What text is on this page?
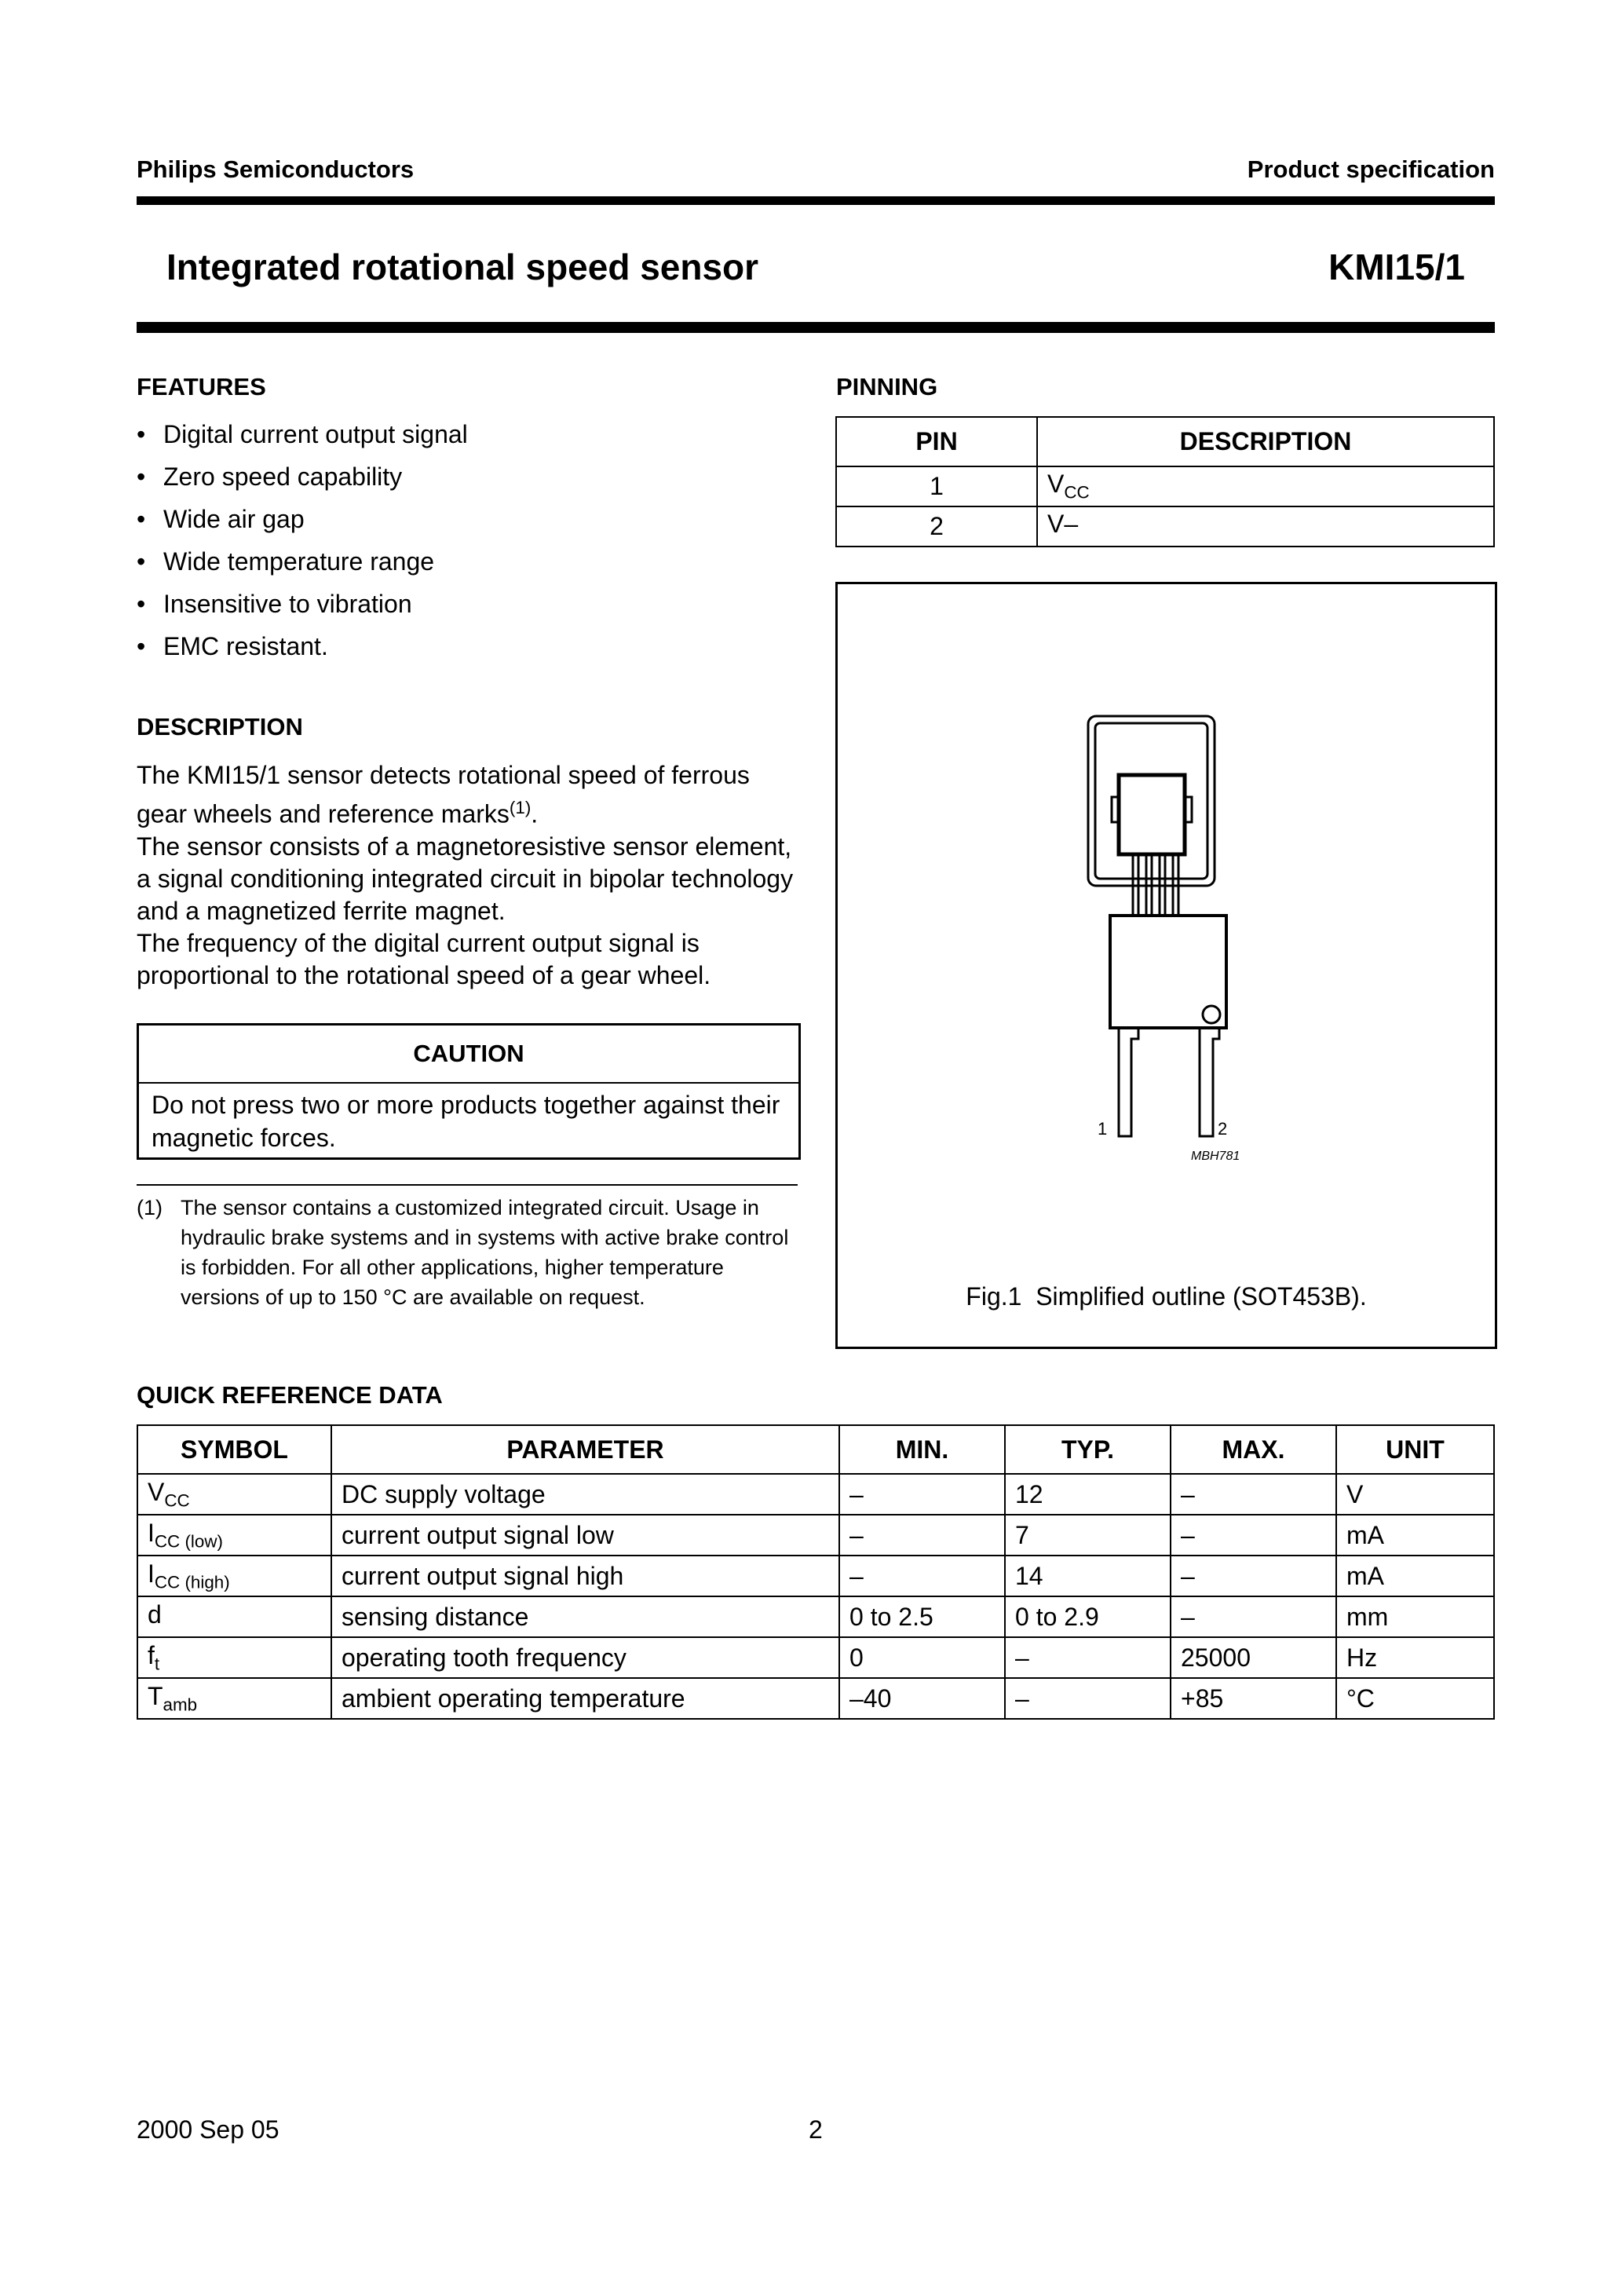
Philips Semiconductors	Product specification
Integrated rotational speed sensor	KMI15/1
FEATURES
• Digital current output signal
• Zero speed capability
• Wide air gap
• Wide temperature range
• Insensitive to vibration
• EMC resistant.
DESCRIPTION
The KMI15/1 sensor detects rotational speed of ferrous gear wheels and reference marks$^{(1)}$.
The sensor consists of a magnetoresistive sensor element, a signal conditioning integrated circuit in bipolar technology and a magnetized ferrite magnet.
The frequency of the digital current output signal is proportional to the rotational speed of a gear wheel.
CAUTION
Do not press two or more products together against their magnetic forces.
(1) The sensor contains a customized integrated circuit. Usage in hydraulic brake systems and in systems with active brake control is forbidden. For all other applications, higher temperature versions of up to 150 °C are available on request.
PINNING
PIN	DESCRIPTION
1	$V_{CC}$
2	V–
1	2
MBH781
Fig.1 Simplified outline (SOT453B).
QUICK REFERENCE DATA
SYMBOL	PARAMETER	MIN.	TYP.	MAX.	UNIT
$V_{CC}$	DC supply voltage	–	12	–	V
$I_{CC (low)}$	current output signal low	–	7	–	mA
$I_{CC (high)}$	current output signal high	–	14	–	mA
d	sensing distance	0 to 2.5	0 to 2.9	–	mm
$f_t$	operating tooth frequency	0	–	25000	Hz
$T_{amb}$	ambient operating temperature	–40	–	+85	°C
2000 Sep 05	2
